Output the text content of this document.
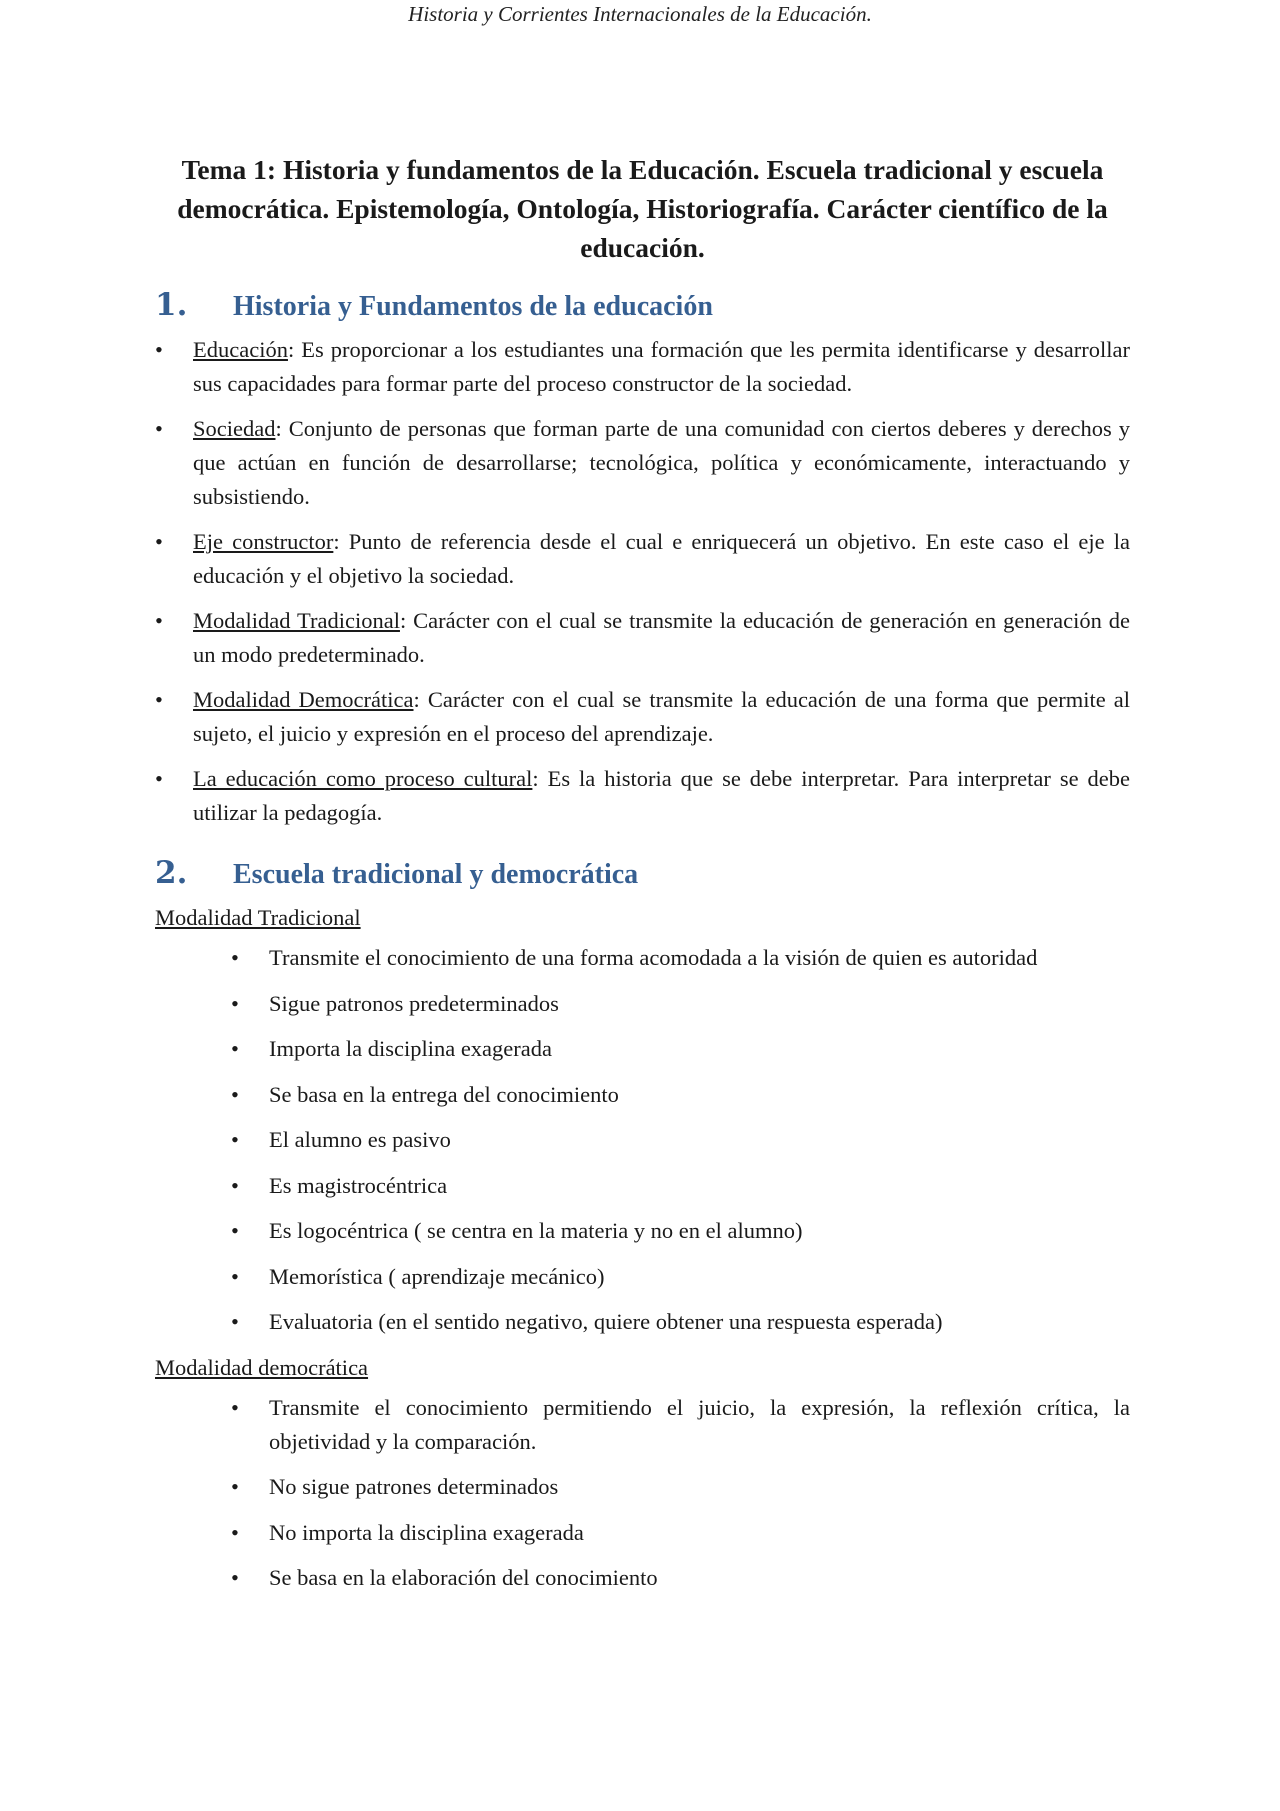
Historia y Corrientes Internacionales de la Educación.
Tema 1: Historia y fundamentos de la Educación. Escuela tradicional y escuela democrática. Epistemología, Ontología, Historiografía. Carácter científico de la educación.
1.	Historia y Fundamentos de la educación
• Educación: Es proporcionar a los estudiantes una formación que les permita identificarse y desarrollar sus capacidades para formar parte del proceso constructor de la sociedad.
• Sociedad: Conjunto de personas que forman parte de una comunidad con ciertos deberes y derechos y que actúan en función de desarrollarse; tecnológica, política y económicamente, interactuando y subsistiendo.
• Eje constructor: Punto de referencia desde el cual e enriquecerá un objetivo. En este caso el eje la educación y el objetivo la sociedad.
• Modalidad Tradicional: Carácter con el cual se transmite la educación de generación en generación de un modo predeterminado.
• Modalidad Democrática: Carácter con el cual se transmite la educación de una forma que permite al sujeto, el juicio y expresión en el proceso del aprendizaje.
• La educación como proceso cultural: Es la historia que se debe interpretar. Para interpretar se debe utilizar la pedagogía.
2.	Escuela tradicional y democrática
Modalidad Tradicional
• Transmite el conocimiento de una forma acomodada a la visión de quien es autoridad
• Sigue patronos predeterminados
• Importa la disciplina exagerada
• Se basa en la entrega del conocimiento
• El alumno es pasivo
• Es magistrocéntrica
• Es logocéntrica ( se centra en la materia y no en el alumno)
• Memorística ( aprendizaje mecánico)
• Evaluatoria (en el sentido negativo, quiere obtener una respuesta esperada)
Modalidad democrática
• Transmite el conocimiento permitiendo el juicio, la expresión, la reflexión crítica, la objetividad y la comparación.
• No sigue patrones determinados
• No importa la disciplina exagerada
• Se basa en la elaboración del conocimiento
